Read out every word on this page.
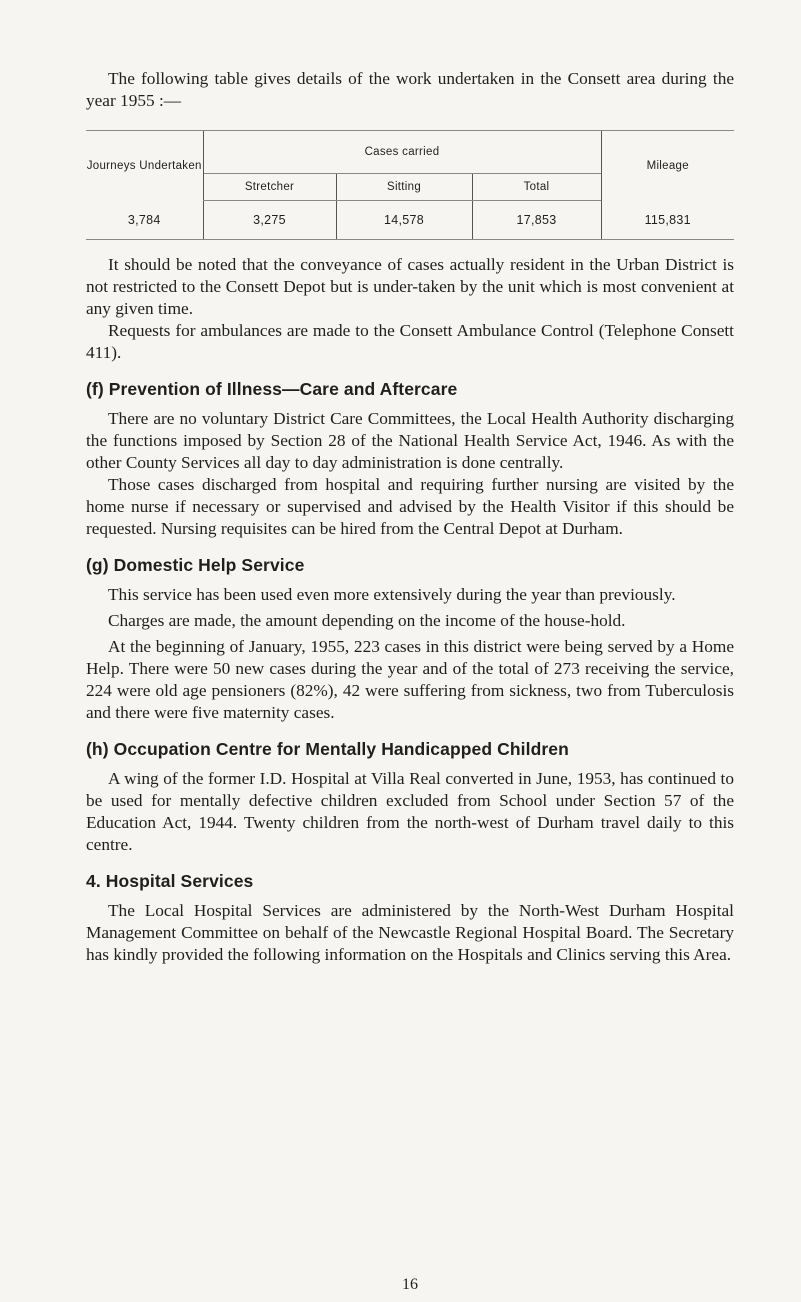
The following table gives details of the work undertaken in the Consett area during the year 1955 :—

Journeys Undertaken	Cases carried			Mileage
	Stretcher	Sitting	Total	
3,784	3,275	14,578	17,853	115,831

It should be noted that the conveyance of cases actually resident in the Urban District is not restricted to the Consett Depot but is under-taken by the unit which is most convenient at any given time.

Requests for ambulances are made to the Consett Ambulance Control (Telephone Consett 411).

(f) Prevention of Illness—Care and Aftercare

There are no voluntary District Care Committees, the Local Health Authority discharging the functions imposed by Section 28 of the National Health Service Act, 1946. As with the other County Services all day to day administration is done centrally.

Those cases discharged from hospital and requiring further nursing are visited by the home nurse if necessary or supervised and advised by the Health Visitor if this should be requested. Nursing requisites can be hired from the Central Depot at Durham.

(g) Domestic Help Service

This service has been used even more extensively during the year than previously.

Charges are made, the amount depending on the income of the house-hold.

At the beginning of January, 1955, 223 cases in this district were being served by a Home Help. There were 50 new cases during the year and of the total of 273 receiving the service, 224 were old age pensioners (82%), 42 were suffering from sickness, two from Tuberculosis and there were five maternity cases.

(h) Occupation Centre for Mentally Handicapped Children

A wing of the former I.D. Hospital at Villa Real converted in June, 1953, has continued to be used for mentally defective children excluded from School under Section 57 of the Education Act, 1944. Twenty children from the north-west of Durham travel daily to this centre.

4. Hospital Services

The Local Hospital Services are administered by the North-West Durham Hospital Management Committee on behalf of the Newcastle Regional Hospital Board. The Secretary has kindly provided the following information on the Hospitals and Clinics serving this Area.

16
